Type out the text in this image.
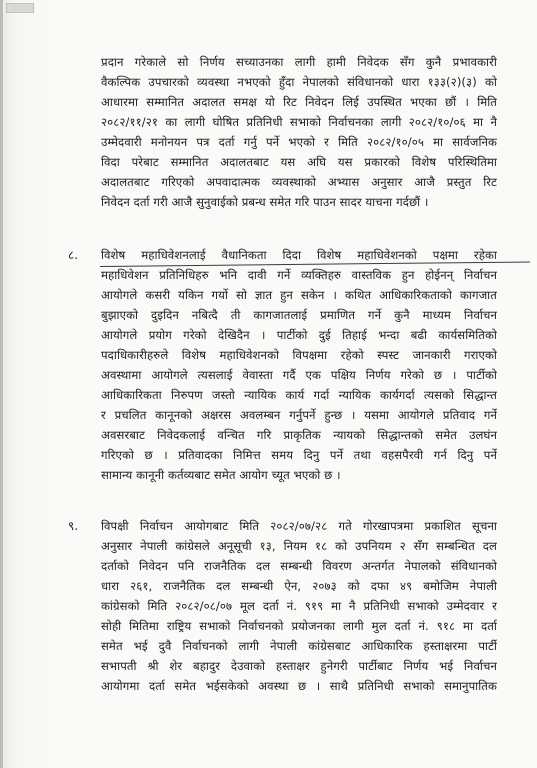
प्रदान गरेकाले सो निर्णय सच्याउनका लागी हामी निवेदक सँग कुनै प्रभावकारी
वैकल्पिक उपचारको व्यवस्था नभएको हुँदा नेपालको संविधानको धारा १३३(२)(३) को
आधारमा सम्मानित अदालत समक्ष यो रिट निवेदन लिई उपस्थित भएका छौं । मिति
२०८२/११/२१ का लागी घोषित प्रतिनिधी सभाको निर्वाचनका लागी २०८२/१०/०६ मा नै
उम्मेदवारी मनोनयन पत्र दर्ता गर्नु पर्ने भएको र मिति २०८२/१०/०५ मा सार्वजनिक
विदा परेबाट सम्मानित अदालतबाट यस अघि यस प्रकारको विशेष परिस्थितिमा
अदालतबाट गरिएको अपवादात्मक व्यवस्थाको अभ्यास अनुसार आजै प्रस्तुत रिट
निवेदन दर्ता गरी आजै सुनुवाईको प्रबन्ध समेत गरि पाउन सादर याचना गर्दछौं ।
८. विशेष महाधिवेशनलाई वैधानिकता दिदा विशेष महाधिवेशनको पक्षमा रहेका
महाधिवेशन प्रतिनिधिहरु भनि दावी गर्ने व्यक्तिहरु वास्तविक हुन होईनन् निर्वाचन
आयोगले कसरी यकिन गर्यो सो ज्ञात हुन सकेन । कथित आधिकारिकताको कागजात
बुझाएको दुइदिन नबित्दै ती कागजातलाई प्रमाणित गर्ने कुनै माध्यम निर्वाचन
आयोगले प्रयोग गरेको देखिदैन । पार्टीको दुई तिहाई भन्दा बढी कार्यसमितिको
पदाधिकारीहरुले विशेष महाधिवेशनको विपक्षमा रहेको स्पस्ट जानकारी गराएको
अवस्थामा आयोगले त्यसलाई वेवास्ता गर्दै एक पक्षिय निर्णय गरेको छ । पार्टीको
आधिकारिकता निरुपण जस्तो न्यायिक कार्य गर्दा न्यायिक कार्यगर्दा त्यसको सिद्धान्त
र प्रचलित कानूनको अक्षरस अवलम्बन गर्नुपर्ने हुन्छ । यसमा आयोगले प्रतिवाद गर्ने
अवसरबाट निवेदकलाई वन्चित गरि प्राकृतिक न्यायको सिद्धान्तको समेत उलघंन
गरिएको छ । प्रतिवादका निमित्त समय दिनु पर्ने तथा वहसपैरवी गर्न दिनु पर्ने
सामान्य कानूनी कर्तव्यबाट समेत आयोग च्यूत भएको छ ।
९. विपक्षी निर्वाचन आयोगबाट मिति २०८२/०७/२८ गते गोरखापत्रमा प्रकाशित सूचना
अनुसार नेपाली कांग्रेसले अनूसूची १३, नियम १८ को उपनियम २ सँग सम्बन्धित दल
दर्ताको निवेदन पनि राजनैतिक दल सम्बन्धी विवरण अन्तर्गत नेपालको संविधानको
धारा २६१, राजनैतिक दल सम्बन्धी ऐन, २०७३ को दफा ४९ बमोजिम नेपाली
कांग्रेसको मिति २०८२/०८/०७ मूल दर्ता नं. ९१९ मा नै प्रतिनिधी सभाको उम्मेदवार र
सोही मितिमा राष्ट्रिय सभाको निर्वाचनको प्रयोजनका लागी मुल दर्ता नं. ९१८ मा दर्ता
समेत भई दुवै निर्वाचनको लागी नेपाली कांग्रेसबाट आधिकारिक हस्ताक्षरमा पार्टी
सभापती श्री शेर बहादुर देउवाको हस्ताक्षर हुनेगरी पार्टीबाट निर्णय भई निर्वाचन
आयोगमा दर्ता समेत भईसकेको अवस्था छ । साथै प्रतिनिधी सभाको समानुपातिक
